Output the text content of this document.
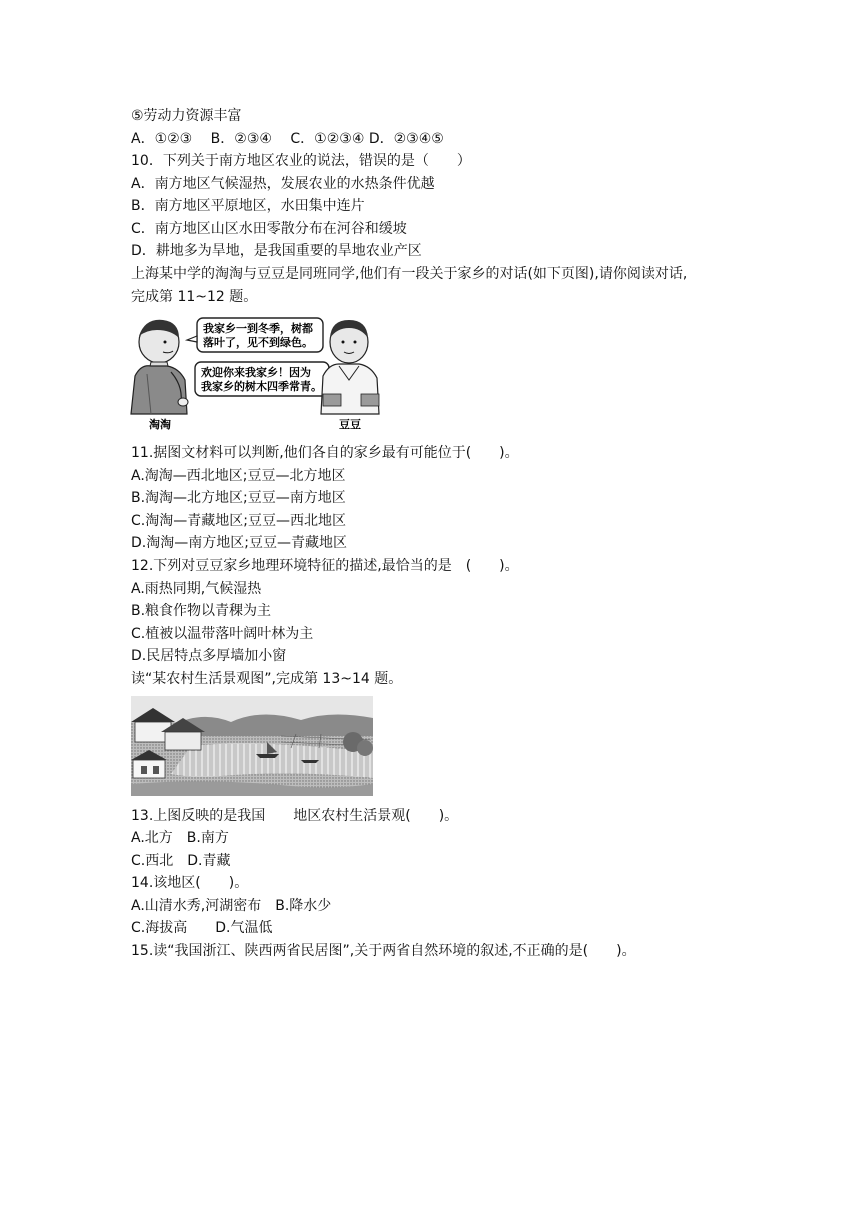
⑤劳动力资源丰富
A．①②③　 B．②③④　 C．①②③④ D．②③④⑤
10．下列关于南方地区农业的说法，错误的是（　　）
A．南方地区气候湿热，发展农业的水热条件优越
B．南方地区平原地区，水田集中连片
C．南方地区山区水田零散分布在河谷和缓坡
D．耕地多为旱地，是我国重要的旱地农业产区
上海某中学的淘淘与豆豆是同班同学,他们有一段关于家乡的对话(如下页图),请你阅读对话,
完成第 11~12 题。
我家乡一到冬季，树都
落叶了，见不到绿色。
欢迎你来我家乡！因为
我家乡的树木四季常青。
淘淘	豆豆
11.据图文材料可以判断,他们各自的家乡最有可能位于(　　)。
A.淘淘—西北地区;豆豆—北方地区
B.淘淘—北方地区;豆豆—南方地区
C.淘淘—青藏地区;豆豆—西北地区
D.淘淘—南方地区;豆豆—青藏地区
12.下列对豆豆家乡地理环境特征的描述,最恰当的是　(　　)。
A.雨热同期,气候湿热
B.粮食作物以青稞为主
C.植被以温带落叶阔叶林为主
D.民居特点多厚墙加小窗
读“某农村生活景观图”,完成第 13~14 题。
13.上图反映的是我国　　地区农村生活景观(　　)。
A.北方　B.南方
C.西北　D.青藏
14.该地区(　　)。
A.山清水秀,河湖密布　B.降水少
C.海拔高　　D.气温低
15.读“我国浙江、陕西两省民居图”,关于两省自然环境的叙述,不正确的是(　　)。
